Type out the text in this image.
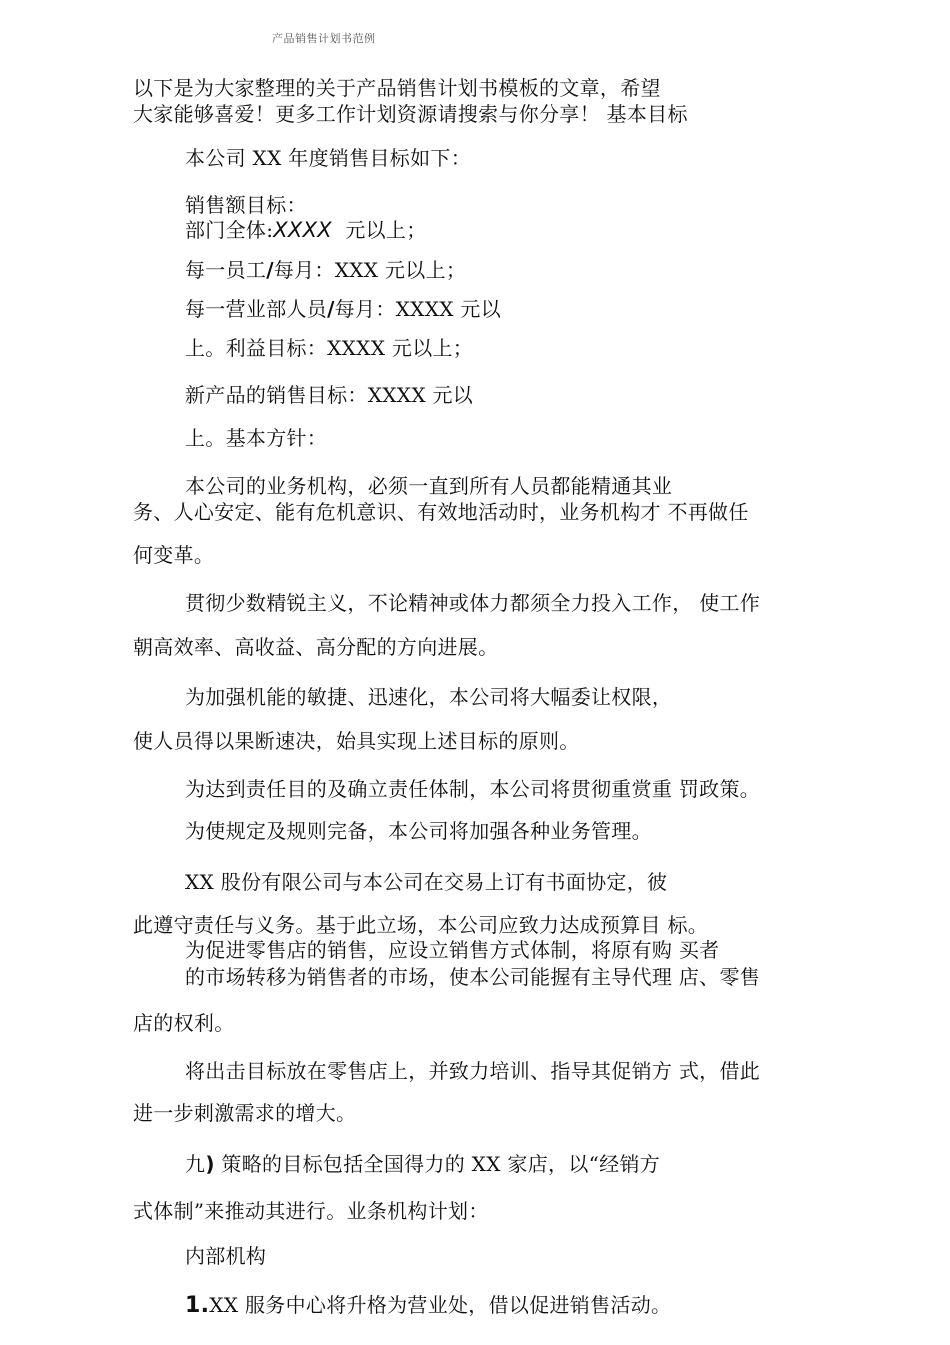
产品销售计划书范例
以下是为大家整理的关于产品销售计划书模板的文章，希望
大家能够喜爱！更多工作计划资源请搜索与你分享！ 基本目标
本公司 XX 年度销售目标如下：
销售额目标：
部门全体:XXXX 元以上；
每一员工/每月：XXX 元以上；
每一营业部人员/每月：XXXX 元以
上。利益目标：XXXX 元以上；
新产品的销售目标：XXXX 元以
上。基本方针：
本公司的业务机构，必须一直到所有人员都能精通其业
务、人心安定、能有危机意识、有效地活动时，业务机构才 不再做任
何变革。
贯彻少数精锐主义，不论精神或体力都须全力投入工作， 使工作
朝高效率、高收益、高分配的方向进展。
为加强机能的敏捷、迅速化，本公司将大幅委让权限，
使人员得以果断速决，始具实现上述目标的原则。
为达到责任目的及确立责任体制，本公司将贯彻重赏重 罚政策。
为使规定及规则完备，本公司将加强各种业务管理。
XX 股份有限公司与本公司在交易上订有书面协定，彼
此遵守责任与义务。基于此立场，本公司应致力达成预算目 标。
为促进零售店的销售，应设立销售方式体制，将原有购 买者
的市场转移为销售者的市场，使本公司能握有主导代理 店、零售
店的权利。
将出击目标放在零售店上，并致力培训、指导其促销方 式，借此
进一步刺激需求的增大。
九) 策略的目标包括全国得力的 XX 家店，以“经销方
式体制”来推动其进行。业条机构计划：
内部机构
1.XX 服务中心将升格为营业处，借以促进销售活动。
